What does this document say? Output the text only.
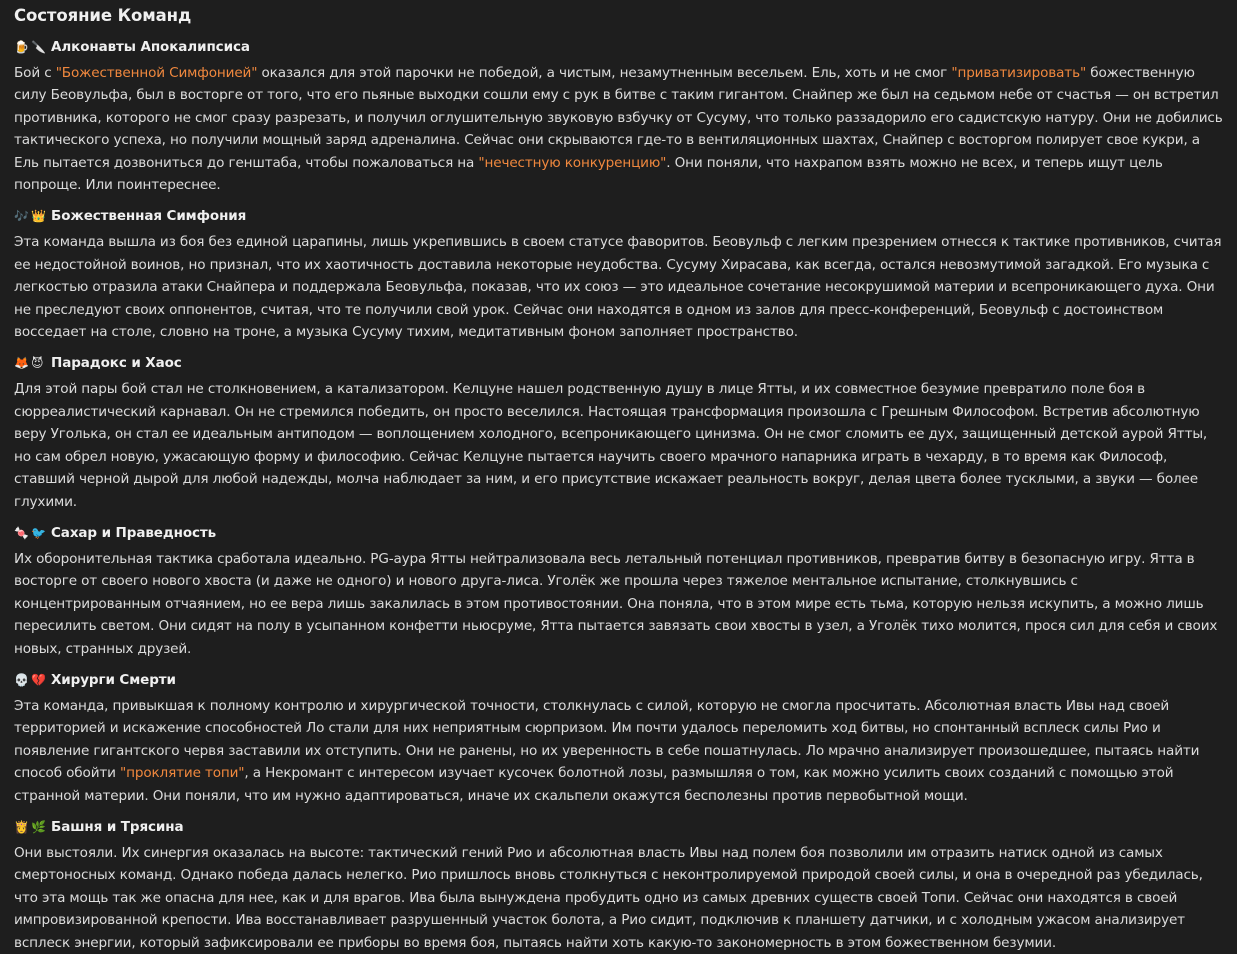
Состояние Команд
🍺 🔪 Алконавты Апокалипсиса

Бой с "Божественной Симфонией" оказался для этой парочки не победой, а чистым, незамутненным весельем. Ель, хоть и не смог "приватизировать" божественную силу Беовульфа, был в восторге от того, что его пьяные выходки сошли ему с рук в битве с таким гигантом. Снайпер же был на седьмом небе от счастья — он встретил противника, которого не смог сразу разрезать, и получил оглушительную звуковую взбучку от Сусуму, что только раззадорило его садистскую натуру. Они не добились тактического успеха, но получили мощный заряд адреналина. Сейчас они скрываются где-то в вентиляционных шахтах, Снайпер с восторгом полирует свое кукри, а Ель пытается дозвониться до генштаба, чтобы пожаловаться на "нечестную конкуренцию". Они поняли, что нахрапом взять можно не всех, и теперь ищут цель попроще. Или поинтереснее.

🎶 👑 Божественная Симфония

Эта команда вышла из боя без единой царапины, лишь укрепившись в своем статусе фаворитов. Беовульф с легким презрением отнесся к тактике противников, считая ее недостойной воинов, но признал, что их хаотичность доставила некоторые неудобства. Сусуму Хирасава, как всегда, остался невозмутимой загадкой. Его музыка с легкостью отразила атаки Снайпера и поддержала Беовульфа, показав, что их союз — это идеальное сочетание несокрушимой материи и всепроникающего духа. Они не преследуют своих оппонентов, считая, что те получили свой урок. Сейчас они находятся в одном из залов для пресс-конференций, Беовульф с достоинством восседает на столе, словно на троне, а музыка Сусуму тихим, медитативным фоном заполняет пространство.

🦊 😈 Парадокс и Хаос

Для этой пары бой стал не столкновением, а катализатором. Келцуне нашел родственную душу в лице Ятты, и их совместное безумие превратило поле боя в сюрреалистический карнавал. Он не стремился победить, он просто веселился. Настоящая трансформация произошла с Грешным Философом. Встретив абсолютную веру Уголька, он стал ее идеальным антиподом — воплощением холодного, всепроникающего цинизма. Он не смог сломить ее дух, защищенный детской аурой Ятты, но сам обрел новую, ужасающую форму и философию. Сейчас Келцуне пытается научить своего мрачного напарника играть в чехарду, в то время как Философ, ставший черной дырой для любой надежды, молча наблюдает за ним, и его присутствие искажает реальность вокруг, делая цвета более тусклыми, а звуки — более глухими.

🍬 🐦 Сахар и Праведность

Их оборонительная тактика сработала идеально. PG-аура Ятты нейтрализовала весь летальный потенциал противников, превратив битву в безопасную игру. Ятта в восторге от своего нового хвоста (и даже не одного) и нового друга-лиса. Уголёк же прошла через тяжелое ментальное испытание, столкнувшись с концентрированным отчаянием, но ее вера лишь закалилась в этом противостоянии. Она поняла, что в этом мире есть тьма, которую нельзя искупить, а можно лишь пересилить светом. Они сидят на полу в усыпанном конфетти ньюсруме, Ятта пытается завязать свои хвосты в узел, а Уголёк тихо молится, прося сил для себя и своих новых, странных друзей.

💀 💔 Хирурги Смерти

Эта команда, привыкшая к полному контролю и хирургической точности, столкнулась с силой, которую не смогла просчитать. Абсолютная власть Ивы над своей территорией и искажение способностей Ло стали для них неприятным сюрпризом. Им почти удалось переломить ход битвы, но спонтанный всплеск силы Рио и появление гигантского червя заставили их отступить. Они не ранены, но их уверенность в себе пошатнулась. Ло мрачно анализирует произошедшее, пытаясь найти способ обойти "проклятие топи", а Некромант с интересом изучает кусочек болотной лозы, размышляя о том, как можно усилить своих созданий с помощью этой странной материи. Они поняли, что им нужно адаптироваться, иначе их скальпели окажутся бесполезны против первобытной мощи.

👸 🌿 Башня и Трясина

Они выстояли. Их синергия оказалась на высоте: тактический гений Рио и абсолютная власть Ивы над полем боя позволили им отразить натиск одной из самых смертоносных команд. Однако победа далась нелегко. Рио пришлось вновь столкнуться с неконтролируемой природой своей силы, и она в очередной раз убедилась, что эта мощь так же опасна для нее, как и для врагов. Ива была вынуждена пробудить одно из самых древних существ своей Топи. Сейчас они находятся в своей импровизированной крепости. Ива восстанавливает разрушенный участок болота, а Рио сидит, подключив к планшету датчики, и с холодным ужасом анализирует всплеск энергии, который зафиксировали ее приборы во время боя, пытаясь найти хоть какую-то закономерность в этом божественном безумии.
